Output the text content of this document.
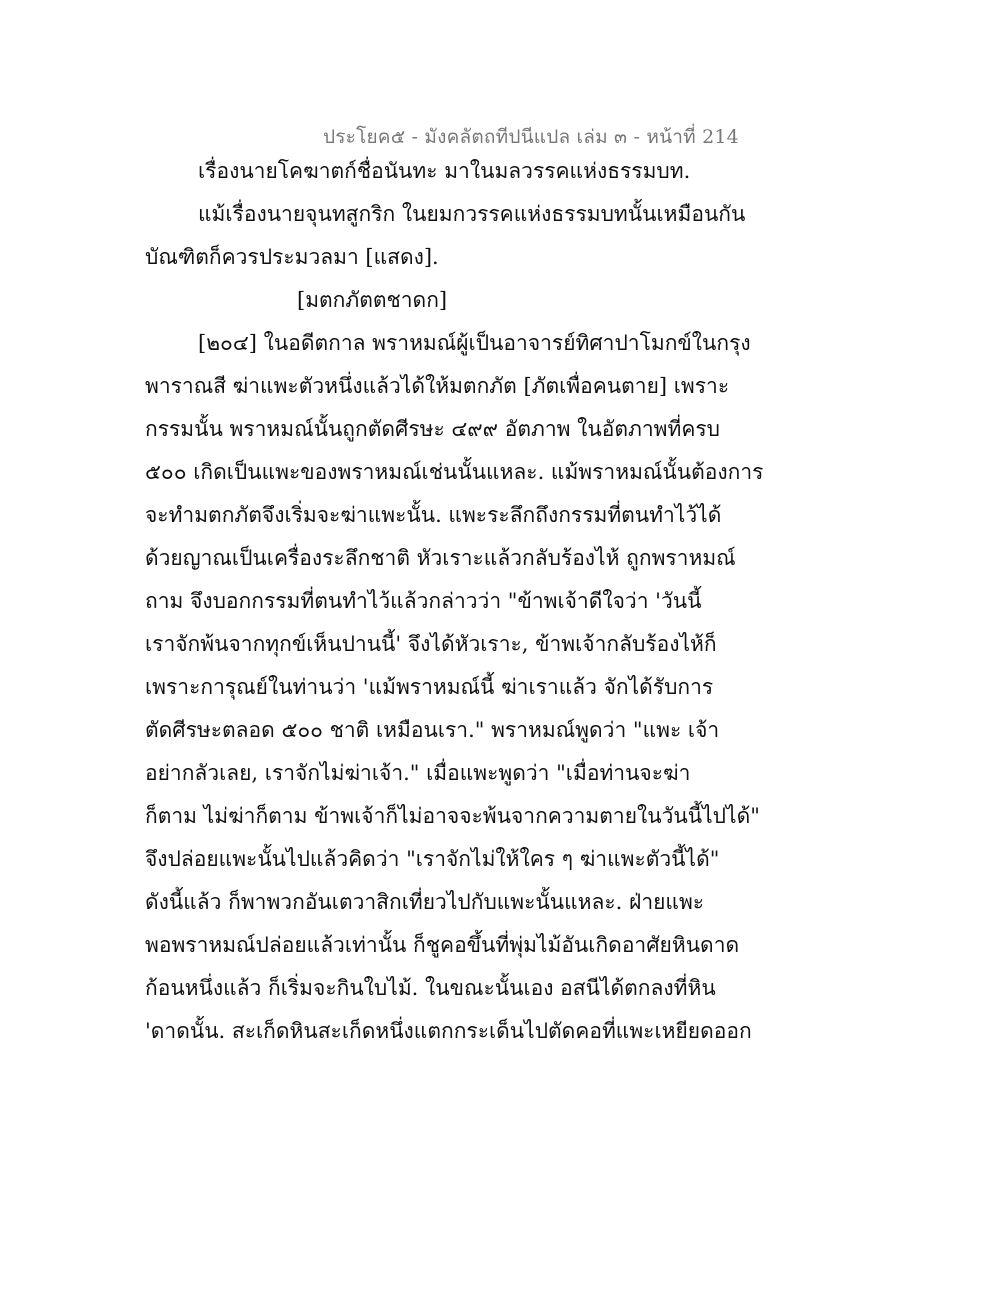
ประโยค๕ - มังคลัตถทีปนีแปล เล่ม ๓ - หน้าที่ 214
เรื่องนายโคฆาตก์ชื่อนันทะ มาในมลวรรคแห่งธรรมบท.
แม้เรื่องนายจุนทสูกริก ในยมกวรรคแห่งธรรมบทนั้นเหมือนกัน
บัณฑิตก็ควรประมวลมา [แสดง].
[มตกภัตตชาดก]
[๒๐๔] ในอดีตกาล พราหมณ์ผู้เป็นอาจารย์ทิศาปาโมกข์ในกรุง
พาราณสี ฆ่าแพะตัวหนึ่งแล้วได้ให้มตกภัต [ภัตเพื่อคนตาย] เพราะ
กรรมนั้น พราหมณ์นั้นถูกตัดศีรษะ ๔๙๙ อัตภาพ ในอัตภาพที่ครบ
๕๐๐ เกิดเป็นแพะของพราหมณ์เช่นนั้นแหละ. แม้พราหมณ์นั้นต้องการ
จะทำมตกภัตจึงเริ่มจะฆ่าแพะนั้น. แพะระลึกถึงกรรมที่ตนทำไว้ได้
ด้วยญาณเป็นเครื่องระลึกชาติ หัวเราะแล้วกลับร้องไห้ ถูกพราหมณ์
ถาม จึงบอกกรรมที่ตนทำไว้แล้วกล่าวว่า "ข้าพเจ้าดีใจว่า 'วันนี้
เราจักพ้นจากทุกข์เห็นปานนี้' จึงได้หัวเราะ, ข้าพเจ้ากลับร้องไห้ก็
เพราะการุณย์ในท่านว่า 'แม้พราหมณ์นี้ ฆ่าเราแล้ว จักได้รับการ
ตัดศีรษะตลอด ๕๐๐ ชาติ เหมือนเรา." พราหมณ์พูดว่า "แพะ เจ้า
อย่ากลัวเลย, เราจักไม่ฆ่าเจ้า." เมื่อแพะพูดว่า "เมื่อท่านจะฆ่า
ก็ตาม ไม่ฆ่าก็ตาม ข้าพเจ้าก็ไม่อาจจะพ้นจากความตายในวันนี้ไปได้"
จึงปล่อยแพะนั้นไปแล้วคิดว่า "เราจักไม่ให้ใคร ๆ ฆ่าแพะตัวนี้ได้"
ดังนี้แล้ว ก็พาพวกอันเตวาสิกเที่ยวไปกับแพะนั้นแหละ. ฝ่ายแพะ
พอพราหมณ์ปล่อยแล้วเท่านั้น ก็ชูคอขึ้นที่พุ่มไม้อันเกิดอาศัยหินดาด
ก้อนหนึ่งแล้ว ก็เริ่มจะกินใบไม้. ในขณะนั้นเอง อสนีได้ตกลงที่หิน
'ดาดนั้น. สะเก็ดหินสะเก็ดหนึ่งแตกกระเด็นไปตัดคอที่แพะเหยียดออก
